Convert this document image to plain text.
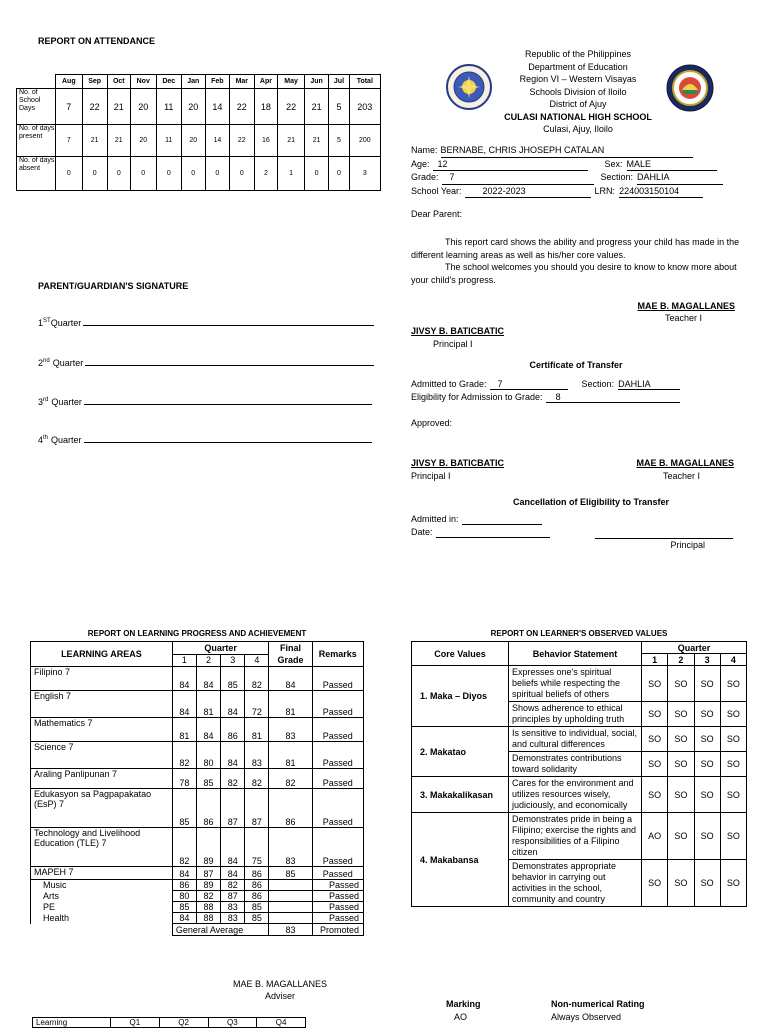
REPORT ON ATTENDANCE
	Aug	Sep	Oct	Nov	Dec	Jan	Feb	Mar	Apr	May	Jun	Jul	Total
No. of School Days	7	22	21	20	11	20	14	22	18	22	21	5	203
No. of days present	7	21	21	20	11	20	14	22	16	21	21	5	200
No. of days absent	0	0	0	0	0	0	0	0	2	1	0	0	3
PARENT/GUARDIAN'S SIGNATURE
1 ST Quarter
2 nd Quarter
3 rd Quarter
4 th Quarter
Republic of the Philippines
Department of Education
Region VI – Western Visayas
Schools Division of Iloilo
District of Ajuy
CULASI NATIONAL HIGH SCHOOL
Culasi, Ajuy, Iloilo
Name: BERNABE, CHRIS JHOSEPH CATALAN
Age: 12	Sex: MALE
Grade:	7	Section: DAHLIA
School Year:	2022-2023	LRN: 224003150104
Dear Parent:
This report card shows the ability and progress your child has made in the different learning areas as well as his/her core values.
The school welcomes you should you desire to know to know more about your child's progress.
MAE B. MAGALLANES
Teacher I
JIVSY B. BATICBATIC
Principal I
Certificate of Transfer
Admitted to Grade:	7	Section: DAHLIA
Eligibility for Admission to Grade:	8
Approved:
JIVSY B. BATICBATIC
Principal I
MAE B. MAGALLANES
Teacher I
Cancellation of Eligibility to Transfer
Admitted in:
Date:
Principal
REPORT ON LEARNING PROGRESS AND ACHIEVEMENT
LEARNING AREAS	Quarter				Final Grade	Remarks
	1	2	3	4		
Filipino 7	84	84	85	82	84	Passed
English 7	84	81	84	72	81	Passed
Mathematics 7	81	84	86	81	83	Passed
Science 7	82	80	84	83	81	Passed
Araling Panlipunan 7	78	85	82	82	82	Passed
Edukasyon sa Pagpapakatao (EsP) 7	85	86	87	87	86	Passed
Technology and Livelihood Education (TLE) 7	82	89	84	75	83	Passed
MAPEH 7	84	87	84	86	85	Passed
Music	86	89	82	86		Passed
Arts	80	82	87	86		Passed
PE	85	88	83	85		Passed
Health	84	88	83	85		Passed
	General Average				83	Promoted
MAE B. MAGALLANES
Adviser
Learning	Q1	Q2	Q3	Q4
REPORT ON LEARNER'S OBSERVED VALUES
Core Values	Behavior Statement	Quarter			
		1	2	3	4
1. Maka – Diyos	Expresses one's spiritual beliefs while respecting the spiritual beliefs of others	SO	SO	SO	SO
	Shows adherence to ethical principles by upholding truth	SO	SO	SO	SO
2. Makatao	Is sensitive to individual, social, and cultural differences	SO	SO	SO	SO
	Demonstrates contributions toward solidarity	SO	SO	SO	SO
3. Makakalikasan	Cares for the environment and utilizes resources wisely, judiciously, and economically	SO	SO	SO	SO
4. Makabansa	Demonstrates pride in being a Filipino; exercise the rights and responsibilities of a Filipino citizen	AO	SO	SO	SO
	Demonstrates appropriate behavior in carrying out activities in the school, community and country	SO	SO	SO	SO
Marking	Non-numerical Rating
AO	Always Observed
